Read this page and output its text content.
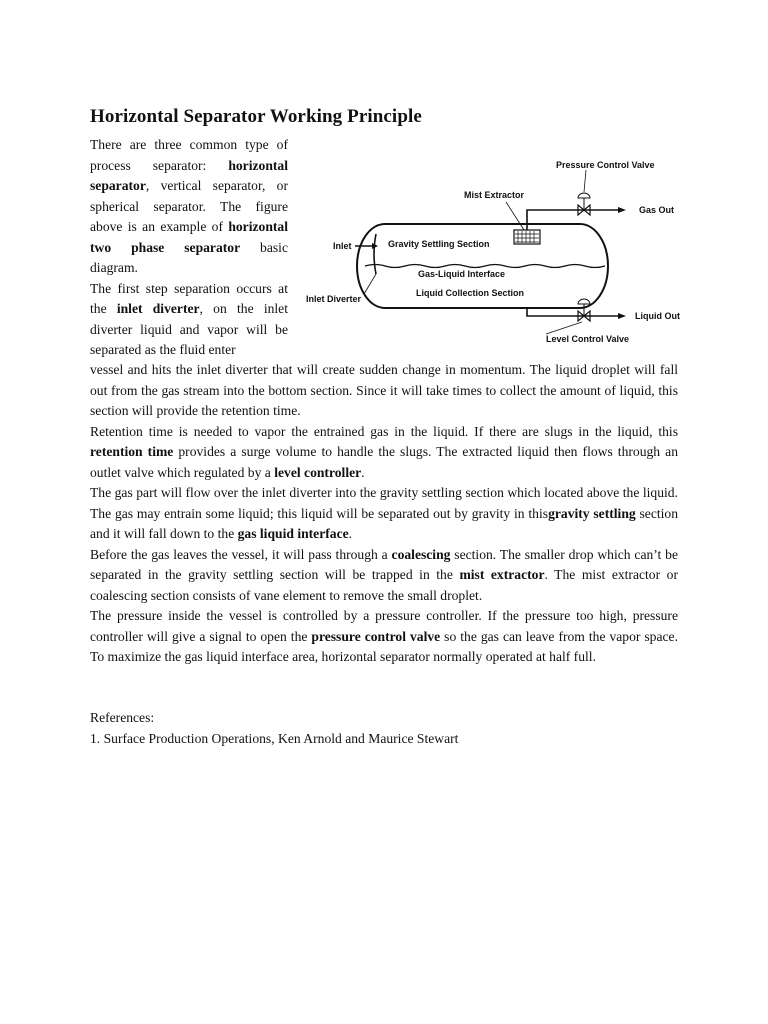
Horizontal Separator Working Principle

There are three common type of process separator: horizontal separator, vertical separator, or spherical separator. The figure above is an example of horizontal two phase separator basic diagram.

The first step separation occurs at the inlet diverter, on the inlet diverter liquid and vapor will be separated as the fluid enter

Pressure Control Valve
Mist Extractor
Gas Out
Inlet	Gravity Settling Section
Gas-Liquid Interface
Liquid Collection Section
Inlet Diverter
Liquid Out
Level Control Valve

vessel and hits the inlet diverter that will create sudden change in momentum. The liquid droplet will fall out from the gas stream into the bottom section. Since it will take times to collect the amount of liquid, this section will provide the retention time.

Retention time is needed to vapor the entrained gas in the liquid. If there are slugs in the liquid, this retention time provides a surge volume to handle the slugs. The extracted liquid then flows through an outlet valve which regulated by a level controller.

The gas part will flow over the inlet diverter into the gravity settling section which located above the liquid. The gas may entrain some liquid; this liquid will be separated out by gravity in thisgravity settling section and it will fall down to the gas liquid interface.

Before the gas leaves the vessel, it will pass through a coalescing section. The smaller drop which can’t be separated in the gravity settling section will be trapped in the mist extractor. The mist extractor or coalescing section consists of vane element to remove the small droplet.

The pressure inside the vessel is controlled by a pressure controller. If the pressure too high, pressure controller will give a signal to open the pressure control valve so the gas can leave from the vapor space. To maximize the gas liquid interface area, horizontal separator normally operated at half full.

References:

1. Surface Production Operations, Ken Arnold and Maurice Stewart
